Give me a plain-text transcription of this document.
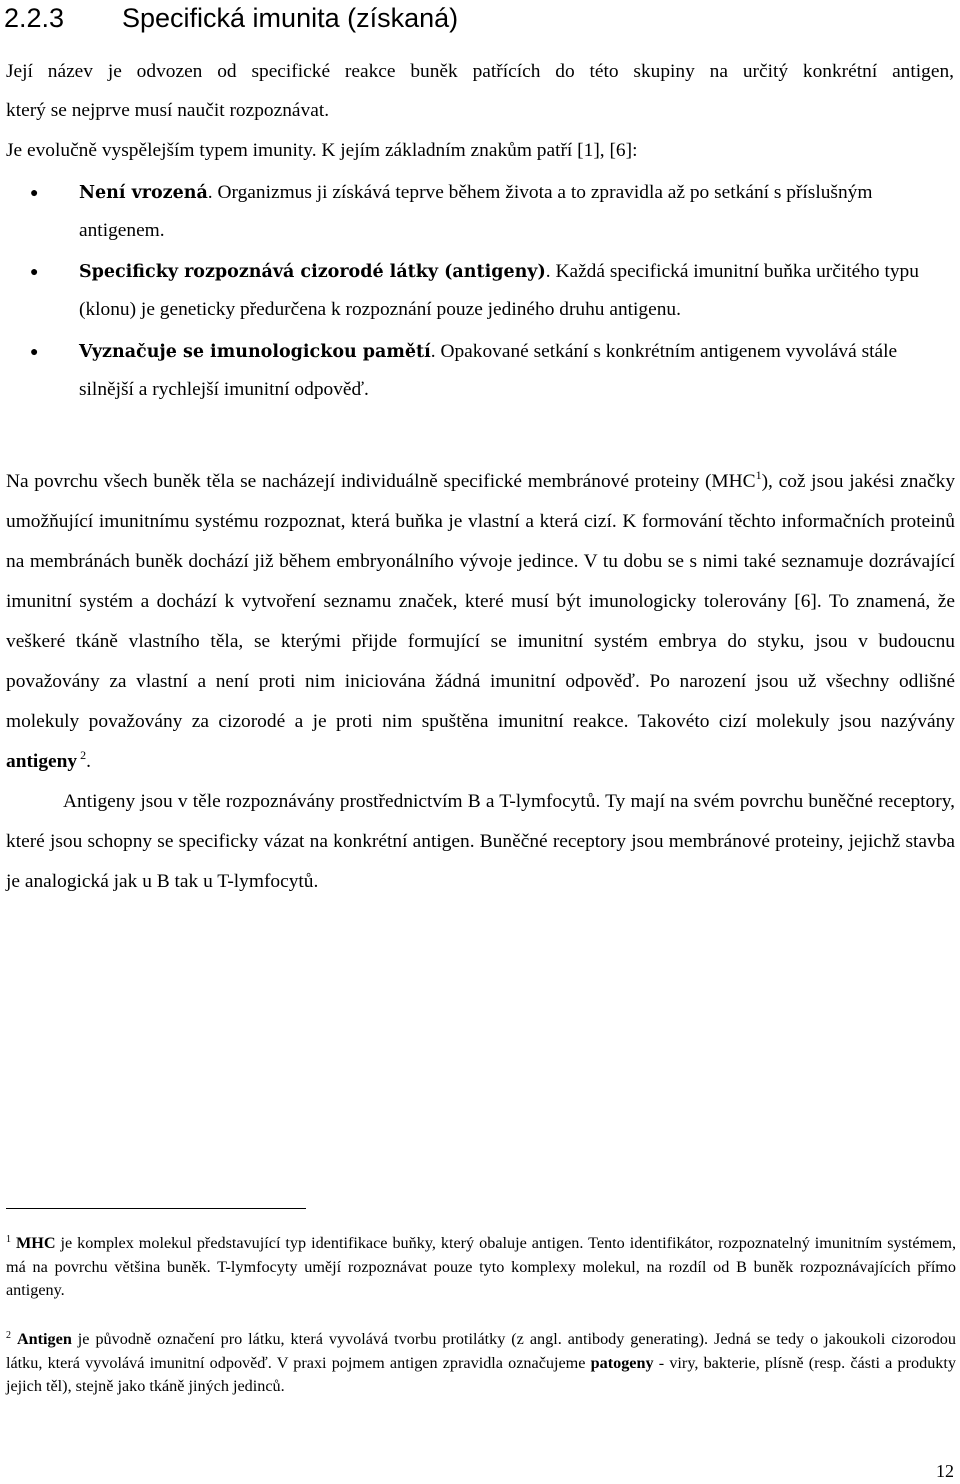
2.2.3 Specifická imunita (získaná)
Její název je odvozen od specifické reakce buněk patřících do této skupiny na určitý konkrétní antigen,
který se nejprve musí naučit rozpoznávat.
Je evolučně vyspělejším typem imunity. K jejím základním znakům patří [1], [6]:
● Není vrozená. Organizmus ji získává teprve během života a to zpravidla až po setkání s příslušným antigenem.
● Specificky rozpoznává cizorodé látky (antigeny). Každá specifická imunitní buňka určitého typu (klonu) je geneticky předurčena k rozpoznání pouze jediného druhu antigenu.
● Vyznačuje se imunologickou pamětí. Opakované setkání s konkrétním antigenem vyvolává stále silnější a rychlejší imunitní odpověď.

Na povrchu všech buněk těla se nacházejí individuálně specifické membránové proteiny (MHC$^1$), což jsou jakési značky umožňující imunitnímu systému rozpoznat, která buňka je vlastní a která cizí. K formování těchto informačních proteinů na membránách buněk dochází již během embryonálního vývoje jedince. V tu dobu se s nimi také seznamuje dozrávající imunitní systém a dochází k vytvoření seznamu značek, které musí být imunologicky tolerovány [6]. To znamená, že veškeré tkáně vlastního těla, se kterými přijde formující se imunitní systém embrya do styku, jsou v budoucnu považovány za vlastní a není proti nim iniciována žádná imunitní odpověď. Po narození jsou už všechny odlišné molekuly považovány za cizorodé a je proti nim spuštěna imunitní reakce. Takovéto cizí molekuly jsou nazývány antigeny $^2$.

Antigeny jsou v těle rozpoznávány prostřednictvím B a T-lymfocytů. Ty mají na svém povrchu buněčné receptory, které jsou schopny se specificky vázat na konkrétní antigen. Buněčné receptory jsou membránové proteiny, jejichž stavba je analogická jak u B tak u T-lymfocytů.

$^1$ MHC je komplex molekul představující typ identifikace buňky, který obaluje antigen. Tento identifikátor, rozpoznatelný imunitním systémem, má na povrchu většina buněk. T-lymfocyty umějí rozpoznávat pouze tyto komplexy molekul, na rozdíl od B buněk rozpoznávajících přímo antigeny.
$^2$ Antigen je původně označení pro látku, která vyvolává tvorbu protilátky (z angl. antibody generating). Jedná se tedy o jakoukoli cizorodou látku, která vyvolává imunitní odpověď. V praxi pojmem antigen zpravidla označujeme patogeny - viry, bakterie, plísně (resp. části a produkty jejich těl), stejně jako tkáně jiných jedinců.
12
